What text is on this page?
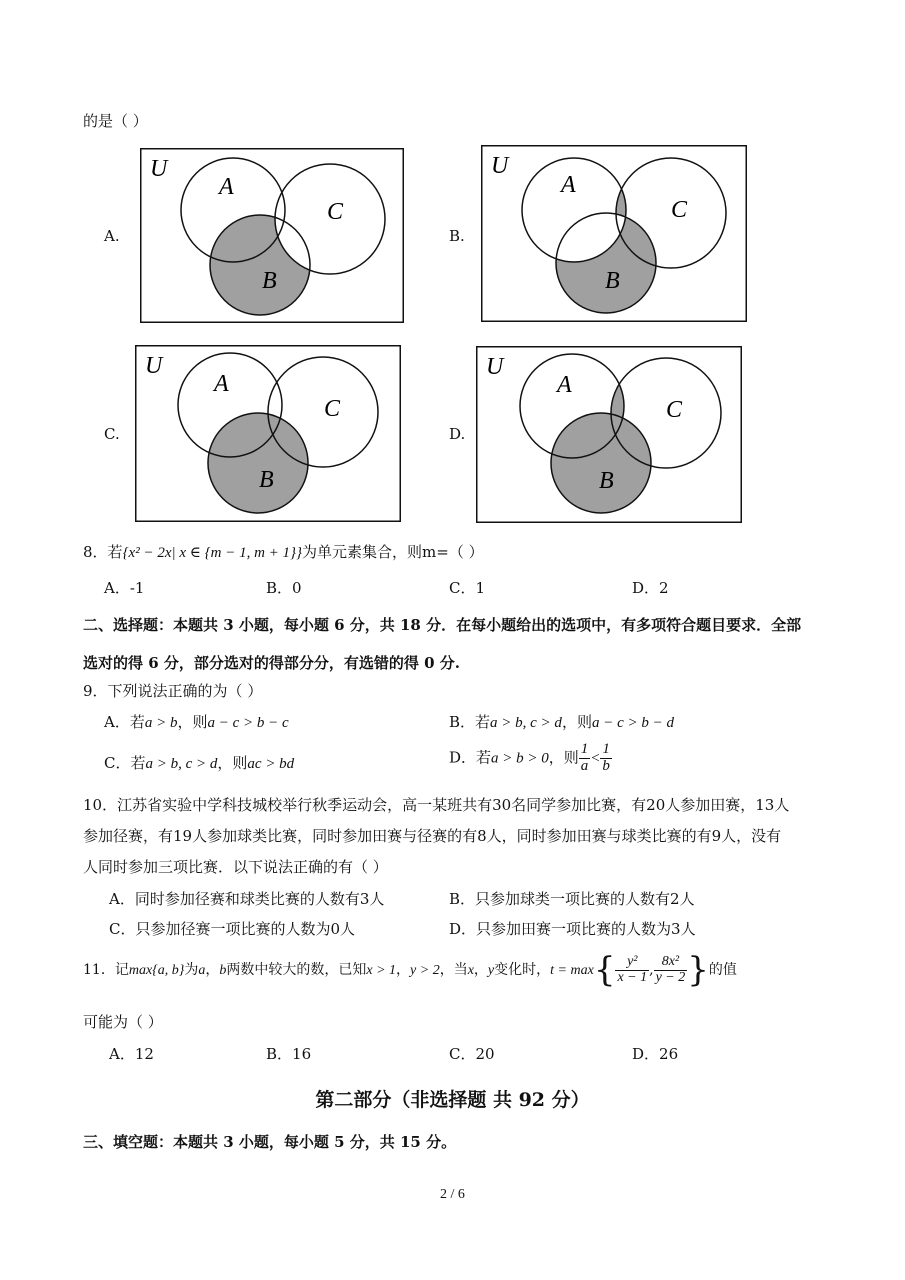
的是（ ）
A.	B.
C.	D.
U
A
C
B
U
A
C
B
U
A
C
B
U
A
C
B
8．若{x² − 2x| x ∈ {m − 1, m + 1}}为单元素集合，则m=（ ）
A．-1	B．0	C．1	D．2
二、选择题：本题共 3 小题，每小题 6 分，共 18 分．在每小题给出的选项中，有多项符合题目要求．全部
选对的得 6 分，部分选对的得部分分，有选错的得 0 分.
9．下列说法正确的为（ ）
A．若a > b，则a − c > b − c	B．若a > b, c > d，则a − c > b − d
C．若a > b, c > d，则ac > bd	D．若a > b > 0，则 $\frac{1}{a} < \frac{1}{b}$
10．江苏省实验中学科技城校举行秋季运动会，高一某班共有30名同学参加比赛，有20人参加田赛，13人
参加径赛，有19人参加球类比赛，同时参加田赛与径赛的有8人，同时参加田赛与球类比赛的有9人，没有
人同时参加三项比赛．以下说法正确的有（ ）
A．同时参加径赛和球类比赛的人数有3人	B．只参加球类一项比赛的人数有2人
C．只参加径赛一项比赛的人数为0人	D．只参加田赛一项比赛的人数为3人
11．记max{a, b}为a，b两数中较大的数，已知x > 1，y > 2，当x，y变化时，$t = \max\{ \frac{\text{y²}}{x - 1}$ , $\frac{\text{8x²}}{y - 2}$ }的值
可能为（ ）
A．12	B．16	C．20	D．26
第二部分（非选择题 共 92 分）
三、填空题：本题共 3 小题，每小题 5 分，共 15 分。
2 / 6
